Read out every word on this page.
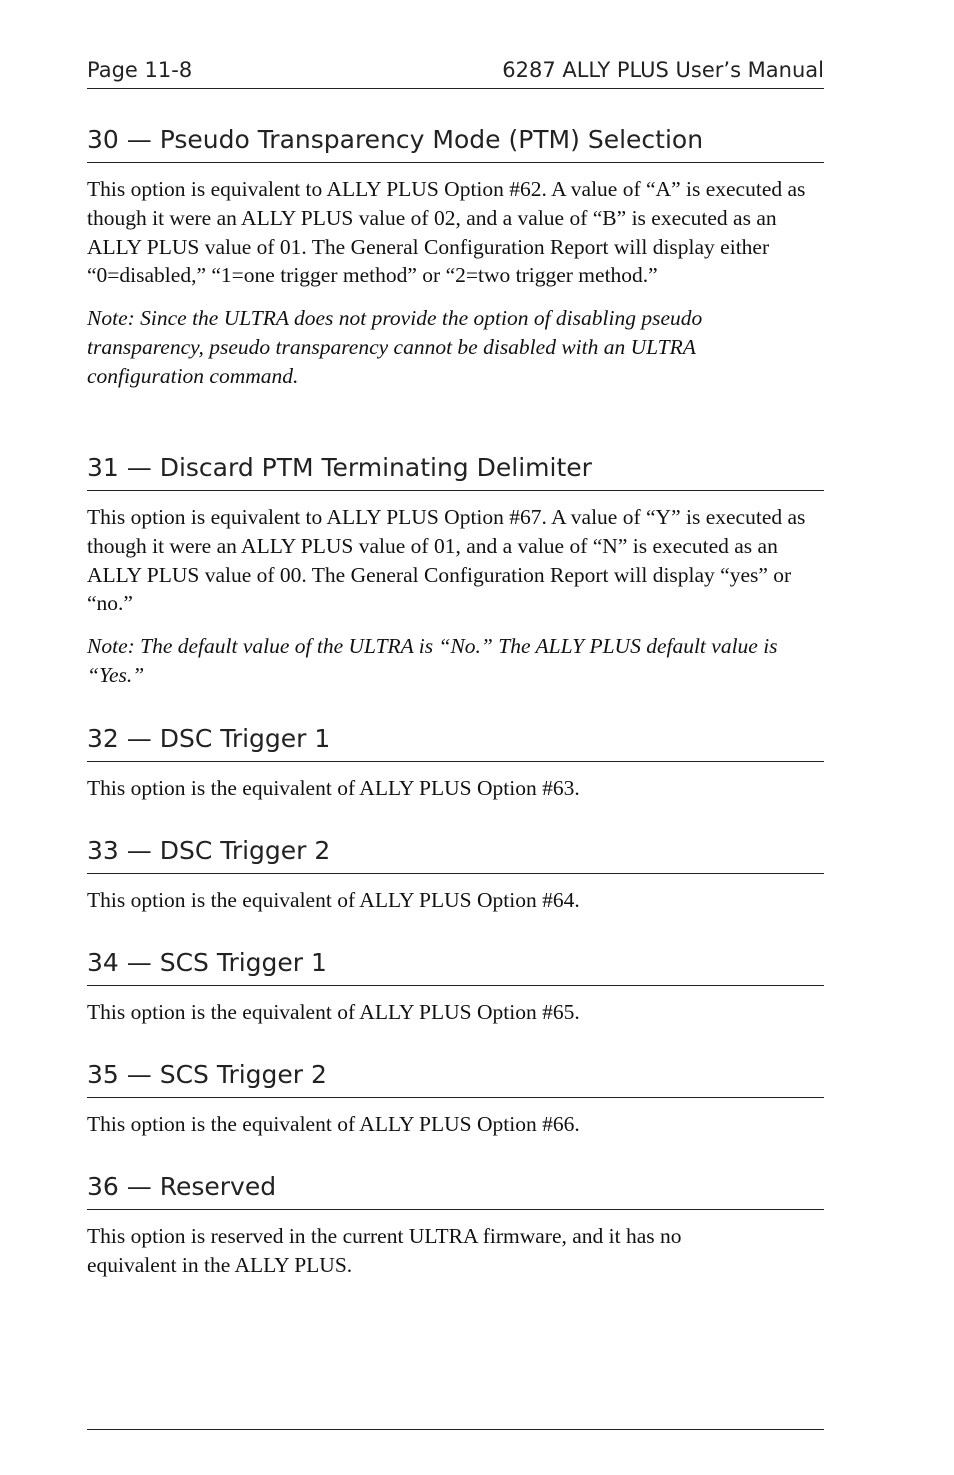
Page 11-8	6287 ALLY PLUS User’s Manual
30 — Pseudo Transparency Mode (PTM) Selection

This option is equivalent to ALLY PLUS Option #62. A value of “A” is executed as though it were an ALLY PLUS value of 02, and a value of “B” is executed as an ALLY PLUS value of 01. The General Configuration Report will display either “0=disabled,” “1=one trigger method” or “2=two trigger method.”

Note: Since the ULTRA does not provide the option of disabling pseudo transparency, pseudo transparency cannot be disabled with an ULTRA configuration command.

31 — Discard PTM Terminating Delimiter

This option is equivalent to ALLY PLUS Option #67. A value of “Y” is executed as though it were an ALLY PLUS value of 01, and a value of “N” is executed as an ALLY PLUS value of 00. The General Configuration Report will display “yes” or “no.”

Note: The default value of the ULTRA is “No.” The ALLY PLUS default value is “Yes.”

32 — DSC Trigger 1

This option is the equivalent of ALLY PLUS Option #63.

33 — DSC Trigger 2

This option is the equivalent of ALLY PLUS Option #64.

34 — SCS Trigger 1

This option is the equivalent of ALLY PLUS Option #65.

35 — SCS Trigger 2

This option is the equivalent of ALLY PLUS Option #66.

36 — Reserved

This option is reserved in the current ULTRA firmware, and it has no equivalent in the ALLY PLUS.
